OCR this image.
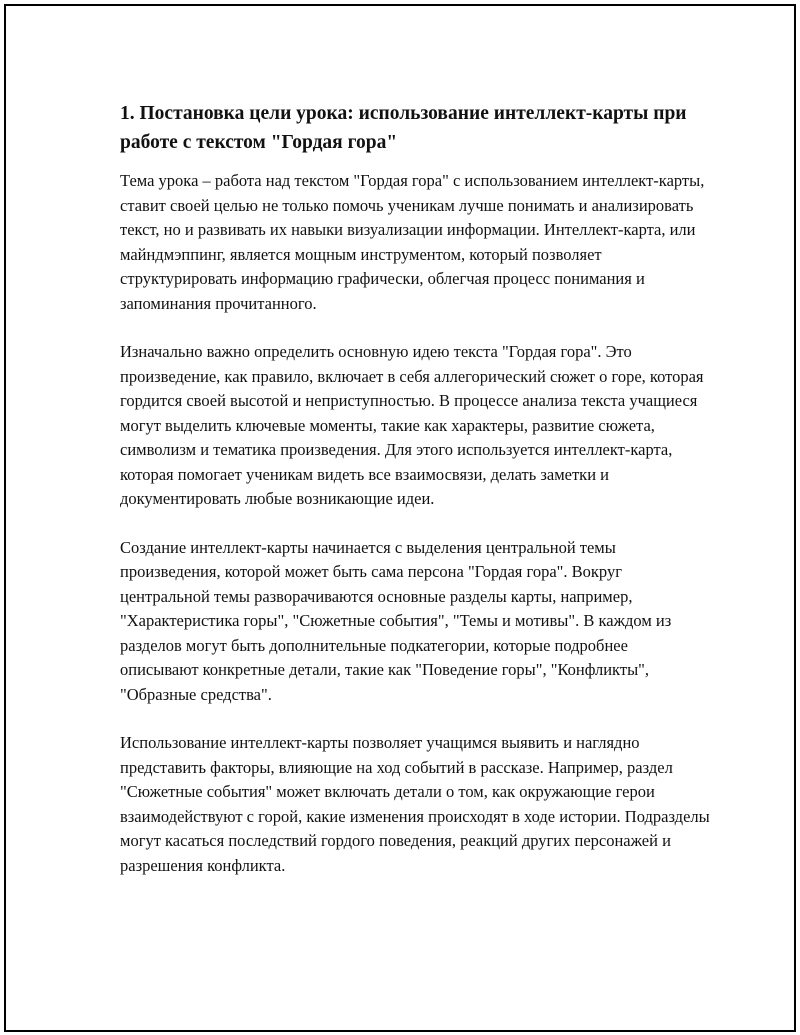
1. Постановка цели урока: использование интеллект-карты при работе с текстом "Гордая гора"

Тема урока – работа над текстом "Гордая гора" с использованием интеллект-карты, ставит своей целью не только помочь ученикам лучше понимать и анализировать текст, но и развивать их навыки визуализации информации. Интеллект-карта, или майндмэппинг, является мощным инструментом, который позволяет структурировать информацию графически, облегчая процесс понимания и запоминания прочитанного.

Изначально важно определить основную идею текста "Гордая гора". Это произведение, как правило, включает в себя аллегорический сюжет о горе, которая гордится своей высотой и неприступностью. В процессе анализа текста учащиеся могут выделить ключевые моменты, такие как характеры, развитие сюжета, символизм и тематика произведения. Для этого используется интеллект-карта, которая помогает ученикам видеть все взаимосвязи, делать заметки и документировать любые возникающие идеи.

Создание интеллект-карты начинается с выделения центральной темы произведения, которой может быть сама персона "Гордая гора". Вокруг центральной темы разворачиваются основные разделы карты, например, "Характеристика горы", "Сюжетные события", "Темы и мотивы". В каждом из разделов могут быть дополнительные подкатегории, которые подробнее описывают конкретные детали, такие как "Поведение горы", "Конфликты", "Образные средства".

Использование интеллект-карты позволяет учащимся выявить и наглядно представить факторы, влияющие на ход событий в рассказе. Например, раздел "Сюжетные события" может включать детали о том, как окружающие герои взаимодействуют с горой, какие изменения происходят в ходе истории. Подразделы могут касаться последствий гордого поведения, реакций других персонажей и разрешения конфликта.
